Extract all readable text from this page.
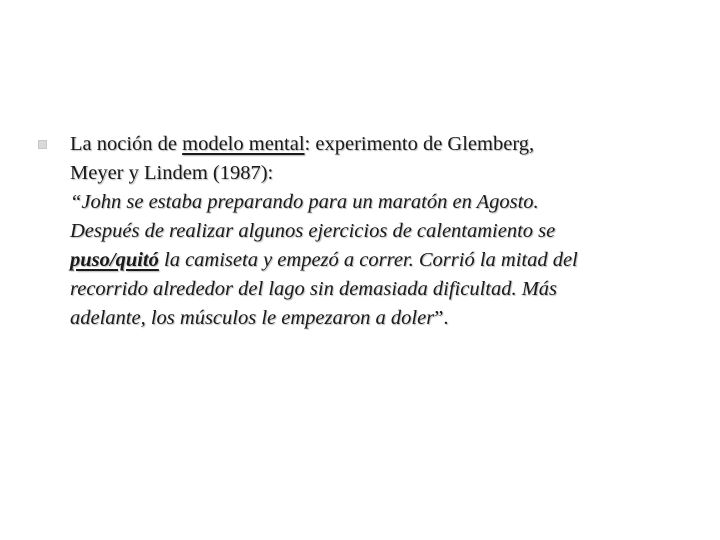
La noción de modelo mental: experimento de Glemberg,
Meyer y Lindem (1987):
“John se estaba preparando para un maratón en Agosto.
Después de realizar algunos ejercicios de calentamiento se
puso/quitó la camiseta y empezó a correr. Corrió la mitad del
recorrido alrededor del lago sin demasiada dificultad. Más
adelante, los músculos le empezaron a doler”.
